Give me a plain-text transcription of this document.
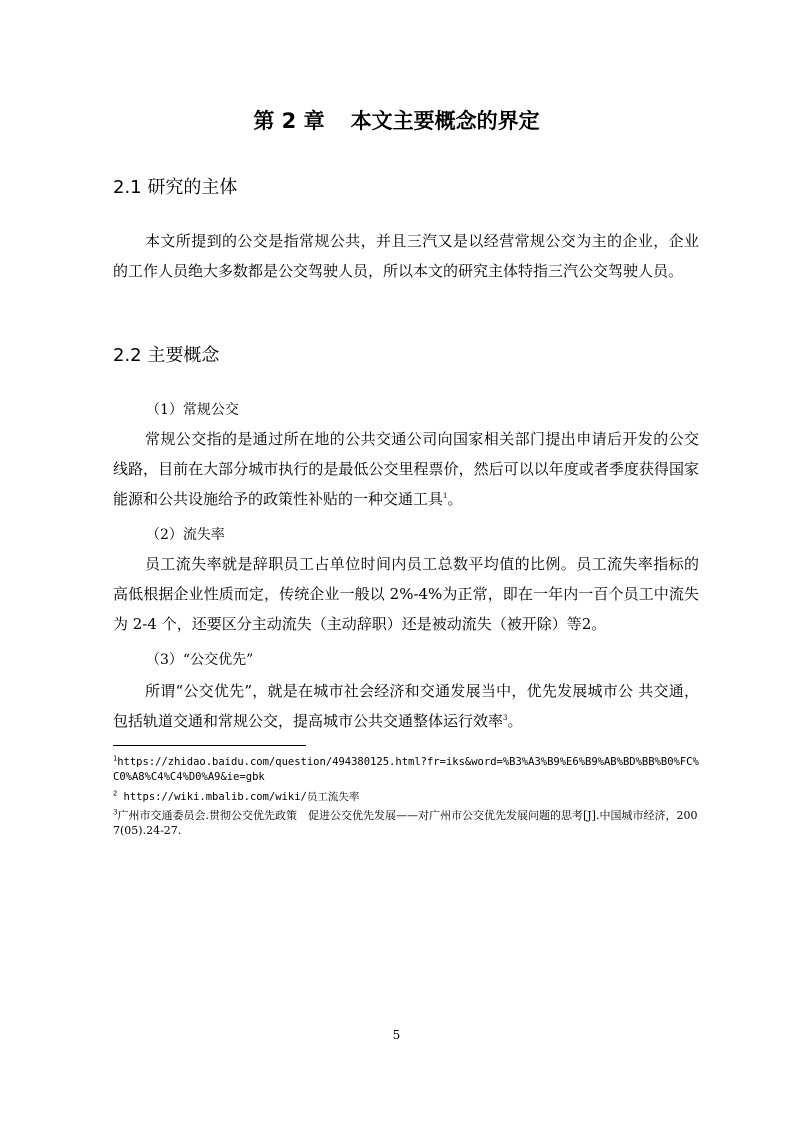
第 2 章 本文主要概念的界定
2.1 研究的主体

本文所提到的公交是指常规公共，并且三汽又是以经营常规公交为主的企业，企业的工作人员绝大多数都是公交驾驶人员，所以本文的研究主体特指三汽公交驾驶人员。

2.2 主要概念
（1）常规公交

常规公交指的是通过所在地的公共交通公司向国家相关部门提出申请后开发的公交线路，目前在大部分城市执行的是最低公交里程票价，然后可以以年度或者季度获得国家能源和公共设施给予的政策性补贴的一种交通工具$^1$。

（2）流失率

员工流失率就是辞职员工占单位时间内员工总数平均值的比例。员工流失率指标的高低根据企业性质而定，传统企业一般以 2%-4%为正常，即在一年内一百个员工中流失为 2-4 个，还要区分主动流失（主动辞职）还是被动流失（被开除）等2。

（3）“公交优先”

所谓“公交优先”，就是在城市社会经济和交通发展当中，优先发展城市公 共交通，包括轨道交通和常规公交，提高城市公共交通整体运行效率$^3$。

$^1$https://zhidao.baidu.com/question/494380125.html?fr=iks&word=%B3%A3%B9%E6%B9%AB%BD%BB%B0%FC%C0%A8%C4%C4%D0%A9&ie=gbk

$^2$ https://wiki.mbalib.com/wiki/员工流失率

$^3$广州市交通委员会.贯彻公交优先政策　促进公交优先发展——对广州市公交优先发展问题的思考[J].中国城市经济，2007(05).24-27.

5
